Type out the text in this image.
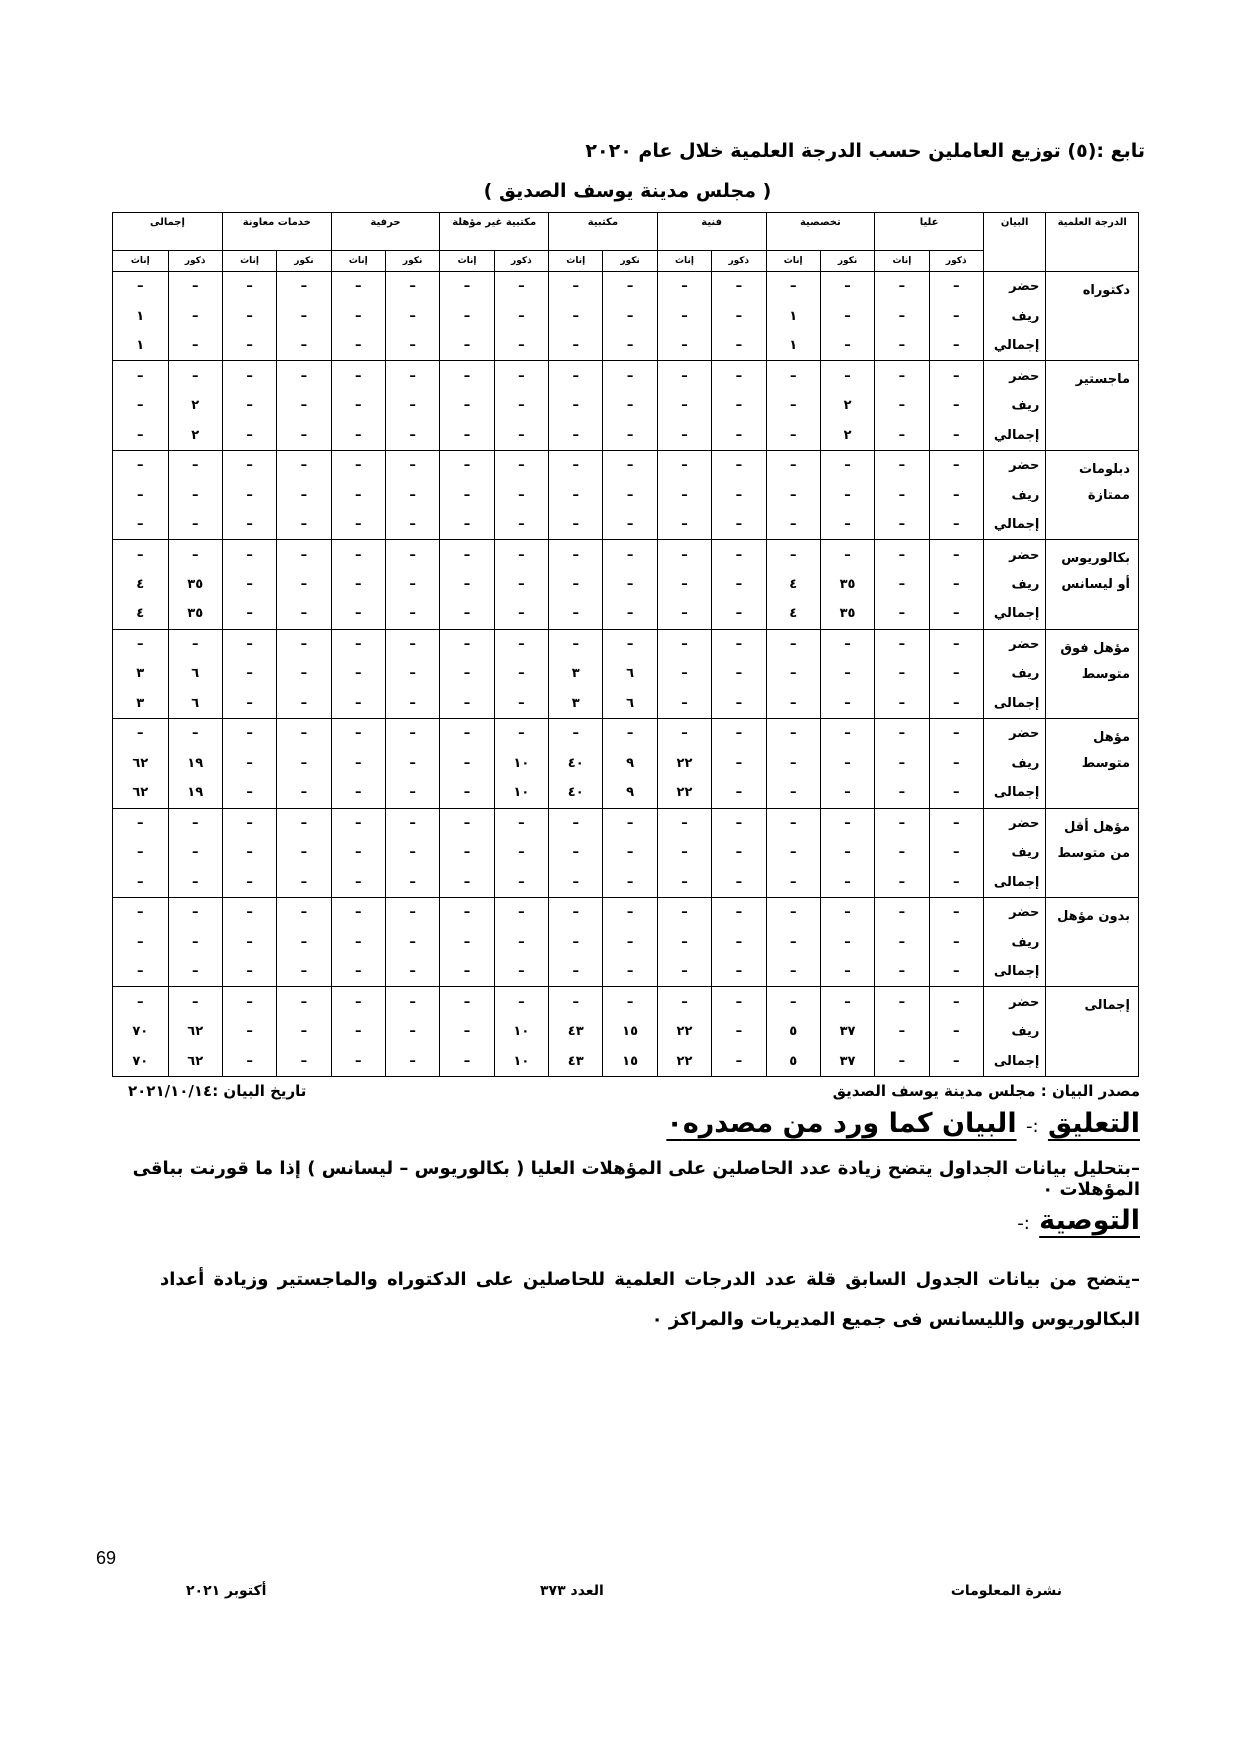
تابع :(٥) توزيع العاملين حسب الدرجة العلمية خلال عام ٢٠٢٠
( مجلس مدينة يوسف الصديق )
الدرجة العلمية	البيان	عليا		تخصصية		فنية		مكتبية		مكتبية غير مؤهلة		حرفية		خدمات معاونة		إجمالى	
		ذكور	إناث	نكور	إناث	ذكور	إناث	نكور	إناث	ذكور	إناث	نكور	إناث	نكور	إناث	ذكور	إناث
دكتوراه	حضر	–	–	–	–	–	–	–	–	–	–	–	–	–	–	–	–
	ريف	–	–	–	١	–	–	–	–	–	–	–	–	–	–	–	١
	إجمالي	–	–	–	١	–	–	–	–	–	–	–	–	–	–	–	١
ماجستير	حضر	–	–	–	–	–	–	–	–	–	–	–	–	–	–	–	–
	ريف	–	–	٢	–	–	–	–	–	–	–	–	–	–	–	٢	–
	إجمالي	–	–	٢	–	–	–	–	–	–	–	–	–	–	–	٢	–
دبلومات ممتازة	حضر	–	–	–	–	–	–	–	–	–	–	–	–	–	–	–	–
	ريف	–	–	–	–	–	–	–	–	–	–	–	–	–	–	–	–
	إجمالي	–	–	–	–	–	–	–	–	–	–	–	–	–	–	–	–
بكالوريوس أو ليسانس	حضر	–	–	–	–	–	–	–	–	–	–	–	–	–	–	–	–
	ريف	–	–	٣٥	٤	–	–	–	–	–	–	–	–	–	–	٣٥	٤
	إجمالي	–	–	٣٥	٤	–	–	–	–	–	–	–	–	–	–	٣٥	٤
مؤهل فوق متوسط	حضر	–	–	–	–	–	–	–	–	–	–	–	–	–	–	–	–
	ريف	–	–	–	–	–	–	٦	٣	–	–	–	–	–	–	٦	٣
	إجمالى	–	–	–	–	–	–	٦	٣	–	–	–	–	–	–	٦	٣
مؤهل متوسط	حضر	–	–	–	–	–	–	–	–	–	–	–	–	–	–	–	–
	ريف	–	–	–	–	–	٢٢	٩	٤٠	١٠	–	–	–	–	–	١٩	٦٢
	إجمالى	–	–	–	–	–	٢٢	٩	٤٠	١٠	–	–	–	–	–	١٩	٦٢
مؤهل أقل من متوسط	حضر	–	–	–	–	–	–	–	–	–	–	–	–	–	–	–	–
	ريف	–	–	–	–	–	–	–	–	–	–	–	–	–	–	–	–
	إجمالى	–	–	–	–	–	–	–	–	–	–	–	–	–	–	–	–
بدون مؤهل	حضر	–	–	–	–	–	–	–	–	–	–	–	–	–	–	–	–
	ريف	–	–	–	–	–	–	–	–	–	–	–	–	–	–	–	–
	إجمالى	–	–	–	–	–	–	–	–	–	–	–	–	–	–	–	–
إجمالى	حضر	–	–	–	–	–	–	–	–	–	–	–	–	–	–	–	–
	ريف	–	–	٣٧	٥	–	٢٢	١٥	٤٣	١٠	–	–	–	–	–	٦٢	٧٠
	إجمالى	–	–	٣٧	٥	–	٢٢	١٥	٤٣	١٠	–	–	–	–	–	٦٢	٧٠
مصدر البيان : مجلس مدينة يوسف الصديق
تاريخ البيان :٢٠٢١/١٠/١٤
التعليق :- البيان كما ورد من مصدره٠
–بتحليل بيانات الجداول يتضح زيادة عدد الحاصلين على المؤهلات العليا ( بكالوريوس – ليسانس ) إذا ما قورنت بباقى المؤهلات ٠
التوصية :-
–يتضح من بيانات الجدول السابق قلة عدد الدرجات العلمية للحاصلين على الدكتوراه والماجستير وزيادة أعداد البكالوريوس والليسانس فى جميع المديريات والمراكز ٠
69
نشرة المعلومات
العدد ٣٧٣
أكتوبر ٢٠٢١
